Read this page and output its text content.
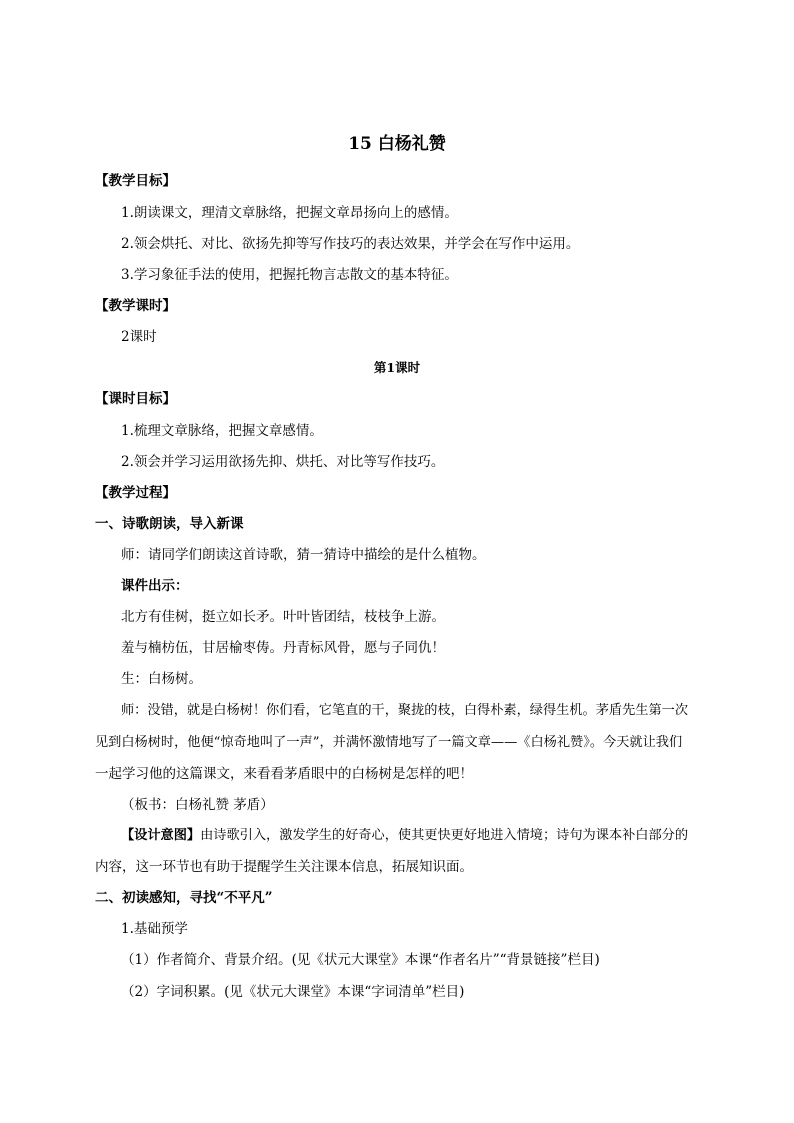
15 白杨礼赞
【教学目标】
1.朗读课文，理清文章脉络，把握文章昂扬向上的感情。
2.领会烘托、对比、欲扬先抑等写作技巧的表达效果，并学会在写作中运用。
3.学习象征手法的使用，把握托物言志散文的基本特征。
【教学课时】
2课时
第1课时
【课时目标】
1.梳理文章脉络，把握文章感情。
2.领会并学习运用欲扬先抑、烘托、对比等写作技巧。
【教学过程】
一、诗歌朗读，导入新课
师：请同学们朗读这首诗歌，猜一猜诗中描绘的是什么植物。
课件出示：
北方有佳树，挺立如长矛。叶叶皆团结，枝枝争上游。
羞与楠枋伍，甘居榆枣俦。丹青标风骨，愿与子同仇！
生：白杨树。
师：没错，就是白杨树！你们看，它笔直的干，聚拢的枝，白得朴素，绿得生机。茅盾先生第一次
见到白杨树时，他便“惊奇地叫了一声”，并满怀激情地写了一篇文章——《白杨礼赞》。今天就让我们
一起学习他的这篇课文，来看看茅盾眼中的白杨树是怎样的吧！
（板书：白杨礼赞 茅盾）
【设计意图】由诗歌引入，激发学生的好奇心，使其更快更好地进入情境；诗句为课本补白部分的
内容，这一环节也有助于提醒学生关注课本信息，拓展知识面。
二、初读感知，寻找“不平凡”
1.基础预学
（1）作者简介、背景介绍。(见《状元大课堂》本课“作者名片”“背景链接”栏目)
（2）字词积累。(见《状元大课堂》本课“字词清单”栏目)
